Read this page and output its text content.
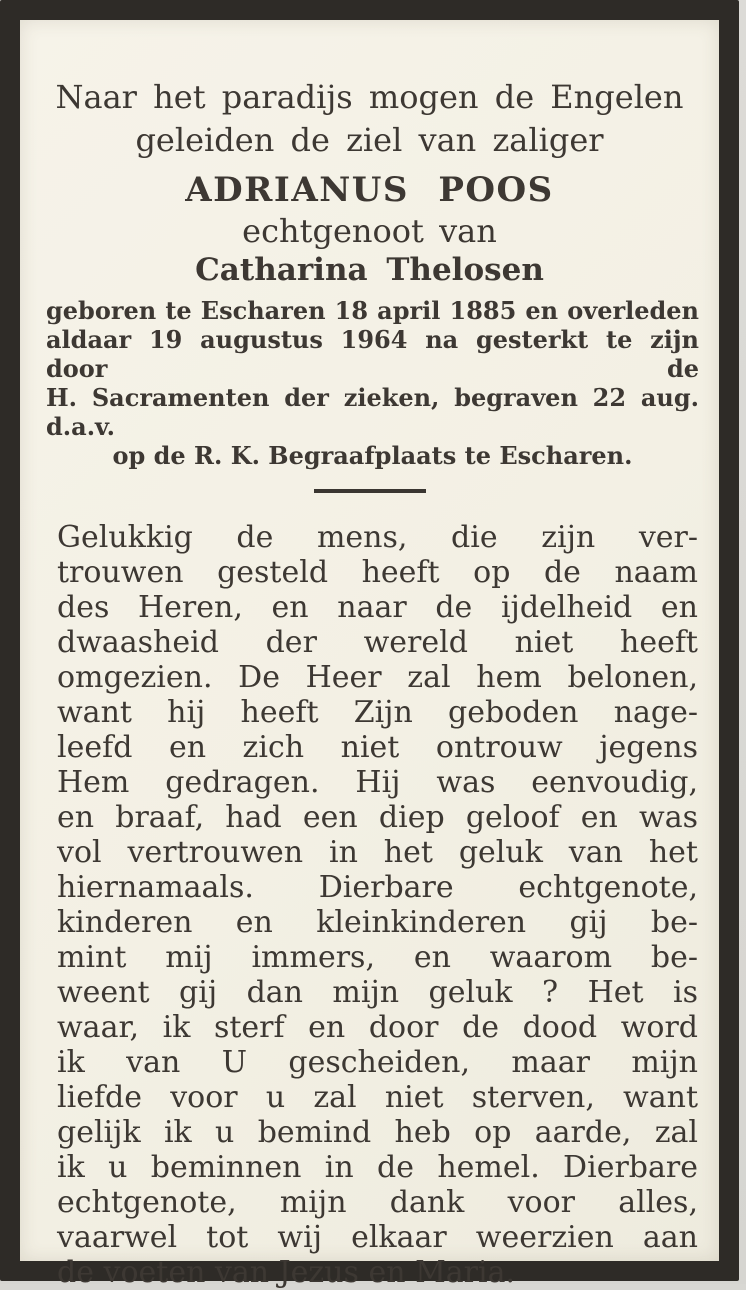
Naar het paradijs mogen de Engelen
geleiden de ziel van zaliger
ADRIANUS POOS
echtgenoot van
Catharina Thelosen
geboren te Escharen 18 april 1885 en overleden
aldaar 19 augustus 1964 na gesterkt te zijn door de
H. Sacramenten der zieken, begraven 22 aug. d.a.v.
op de R. K. Begraafplaats te Escharen.
Gelukkig de mens, die zijn ver-
trouwen gesteld heeft op de naam
des Heren, en naar de ijdelheid en
dwaasheid der wereld niet heeft
omgezien. De Heer zal hem belonen,
want hij heeft Zijn geboden nage-
leefd en zich niet ontrouw jegens
Hem gedragen. Hij was eenvoudig,
en braaf, had een diep geloof en was
vol vertrouwen in het geluk van het
hiernamaals. Dierbare echtgenote,
kinderen en kleinkinderen gij be-
mint mij immers, en waarom be-
weent gij dan mijn geluk ? Het is
waar, ik sterf en door de dood word
ik van U gescheiden, maar mijn
liefde voor u zal niet sterven, want
gelijk ik u bemind heb op aarde, zal
ik u beminnen in de hemel. Dierbare
echtgenote, mijn dank voor alles,
vaarwel tot wij elkaar weerzien aan
de voeten van Jezus en Maria.
